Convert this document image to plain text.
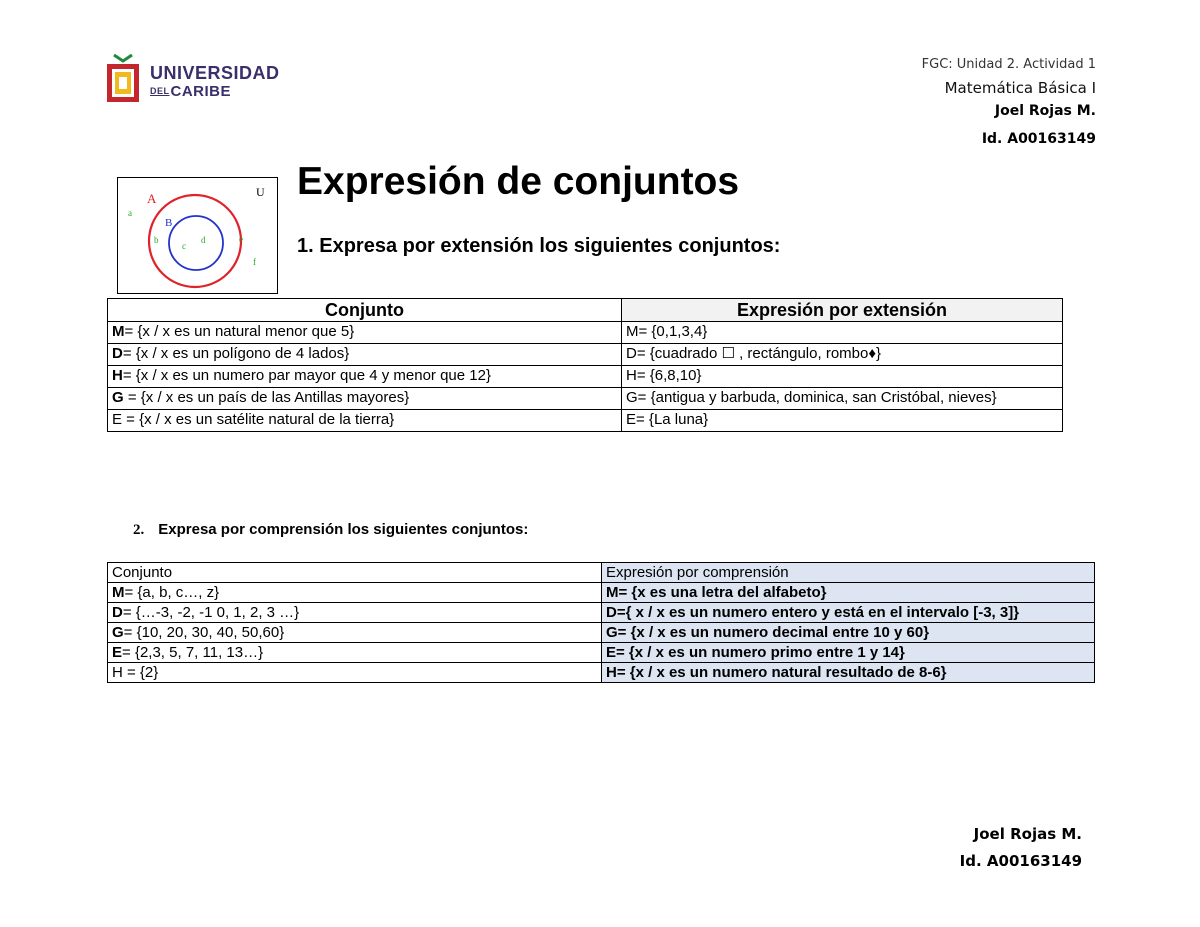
UNIVERSIDAD
DELCARIBE
FGC: Unidad 2. Actividad 1
Matemática Básica I
Joel Rojas M.
Id. A00163149
U
A
B
a
b
c
d	e
f
Expresión de conjuntos
1. Expresa por extensión los siguientes conjuntos:
Conjunto	Expresión por extensión
M= {x / x es un natural menor que 5}	M= {0,1,3,4}
D= {x / x es un polígono de 4 lados}	D= {cuadrado ☐ , rectángulo, rombo♦}
H= {x / x es un numero par mayor que 4 y menor que 12}	H= {6,8,10}
G = {x / x es un país de las Antillas mayores}	G= {antigua y barbuda, dominica, san Cristóbal, nieves}
E = {x / x es un satélite natural de la tierra}	E= {La luna}
2. Expresa por comprensión los siguientes conjuntos:
Conjunto	Expresión por comprensión
M= {a, b, c…, z}	M= {x es una letra del alfabeto}
D= {…-3, -2, -1 0, 1, 2, 3 …}	D={ x / x es un numero entero y está en el intervalo [-3, 3]}
G= {10, 20, 30, 40, 50,60}	G= {x / x es un numero decimal entre 10 y 60}
E= {2,3, 5, 7, 11, 13…}	E= {x / x es un numero primo entre 1 y 14}
H = {2}	H= {x / x es un numero natural resultado de 8-6}
Joel Rojas M.
Id. A00163149
